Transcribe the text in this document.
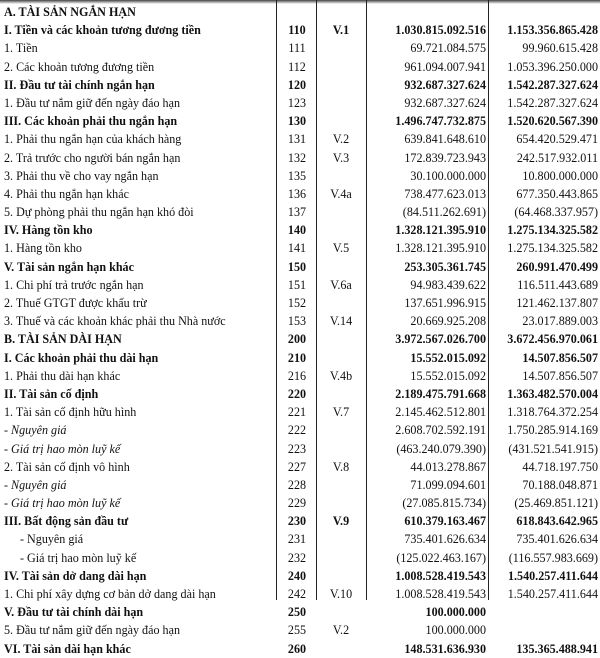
A. TÀI SẢN NGẮN HẠN
I. Tiền và các khoản tương đương tiền	110	V.1	1.030.815.092.516	1.153.356.865.428
1. Tiền	111	69.721.084.575	99.960.615.428
2. Các khoản tương đương tiền	112	961.094.007.941	1.053.396.250.000
II. Đầu tư tài chính ngắn hạn	120	932.687.327.624	1.542.287.327.624
1. Đầu tư nắm giữ đến ngày đáo hạn	123	932.687.327.624	1.542.287.327.624
III. Các khoản phải thu ngắn hạn	130	1.496.747.732.875	1.520.620.567.390
1. Phải thu ngắn hạn của khách hàng	131	V.2	639.841.648.610	654.420.529.471
2. Trả trước cho người bán ngắn hạn	132	V.3	172.839.723.943	242.517.932.011
3. Phải thu về cho vay ngắn hạn	135	30.100.000.000	10.800.000.000
4. Phải thu ngắn hạn khác	136	V.4a	738.477.623.013	677.350.443.865
5. Dự phòng phải thu ngắn hạn khó đòi	137	(84.511.262.691)	(64.468.337.957)
IV. Hàng tồn kho	140	1.328.121.395.910	1.275.134.325.582
1. Hàng tồn kho	141	V.5	1.328.121.395.910	1.275.134.325.582
V. Tài sản ngắn hạn khác	150	253.305.361.745	260.991.470.499
1. Chi phí trả trước ngắn hạn	151	V.6a	94.983.439.622	116.511.443.689
2. Thuế GTGT được khấu trừ	152	137.651.996.915	121.462.137.807
3. Thuế và các khoản khác phải thu Nhà nước	153	V.14	20.669.925.208	23.017.889.003
B. TÀI SẢN DÀI HẠN	200	3.972.567.026.700	3.672.456.970.061
I. Các khoản phải thu dài hạn	210	15.552.015.092	14.507.856.507
1. Phải thu dài hạn khác	216	V.4b	15.552.015.092	14.507.856.507
II. Tài sản cố định	220	2.189.475.791.668	1.363.482.570.004
1. Tài sản cố định hữu hình	221	V.7	2.145.462.512.801	1.318.764.372.254
- Nguyên giá	222	2.608.702.592.191	1.750.285.914.169
- Giá trị hao mòn luỹ kế	223	(463.240.079.390)	(431.521.541.915)
2. Tài sản cố định vô hình	227	V.8	44.013.278.867	44.718.197.750
- Nguyên giá	228	71.099.094.601	70.188.048.871
- Giá trị hao mòn luỹ kế	229	(27.085.815.734)	(25.469.851.121)
III. Bất động sản đầu tư	230	V.9	610.379.163.467	618.843.642.965
- Nguyên giá	231	735.401.626.634	735.401.626.634
- Giá trị hao mòn luỹ kế	232	(125.022.463.167)	(116.557.983.669)
IV. Tài sản dở dang dài hạn	240	1.008.528.419.543	1.540.257.411.644
1. Chi phí xây dựng cơ bản dở dang dài hạn	242	V.10	1.008.528.419.543	1.540.257.411.644
V. Đầu tư tài chính dài hạn	250	100.000.000
5. Đầu tư nắm giữ đến ngày đáo hạn	255	V.2	100.000.000
VI. Tài sản dài hạn khác	260	148.531.636.930	135.365.488.941
